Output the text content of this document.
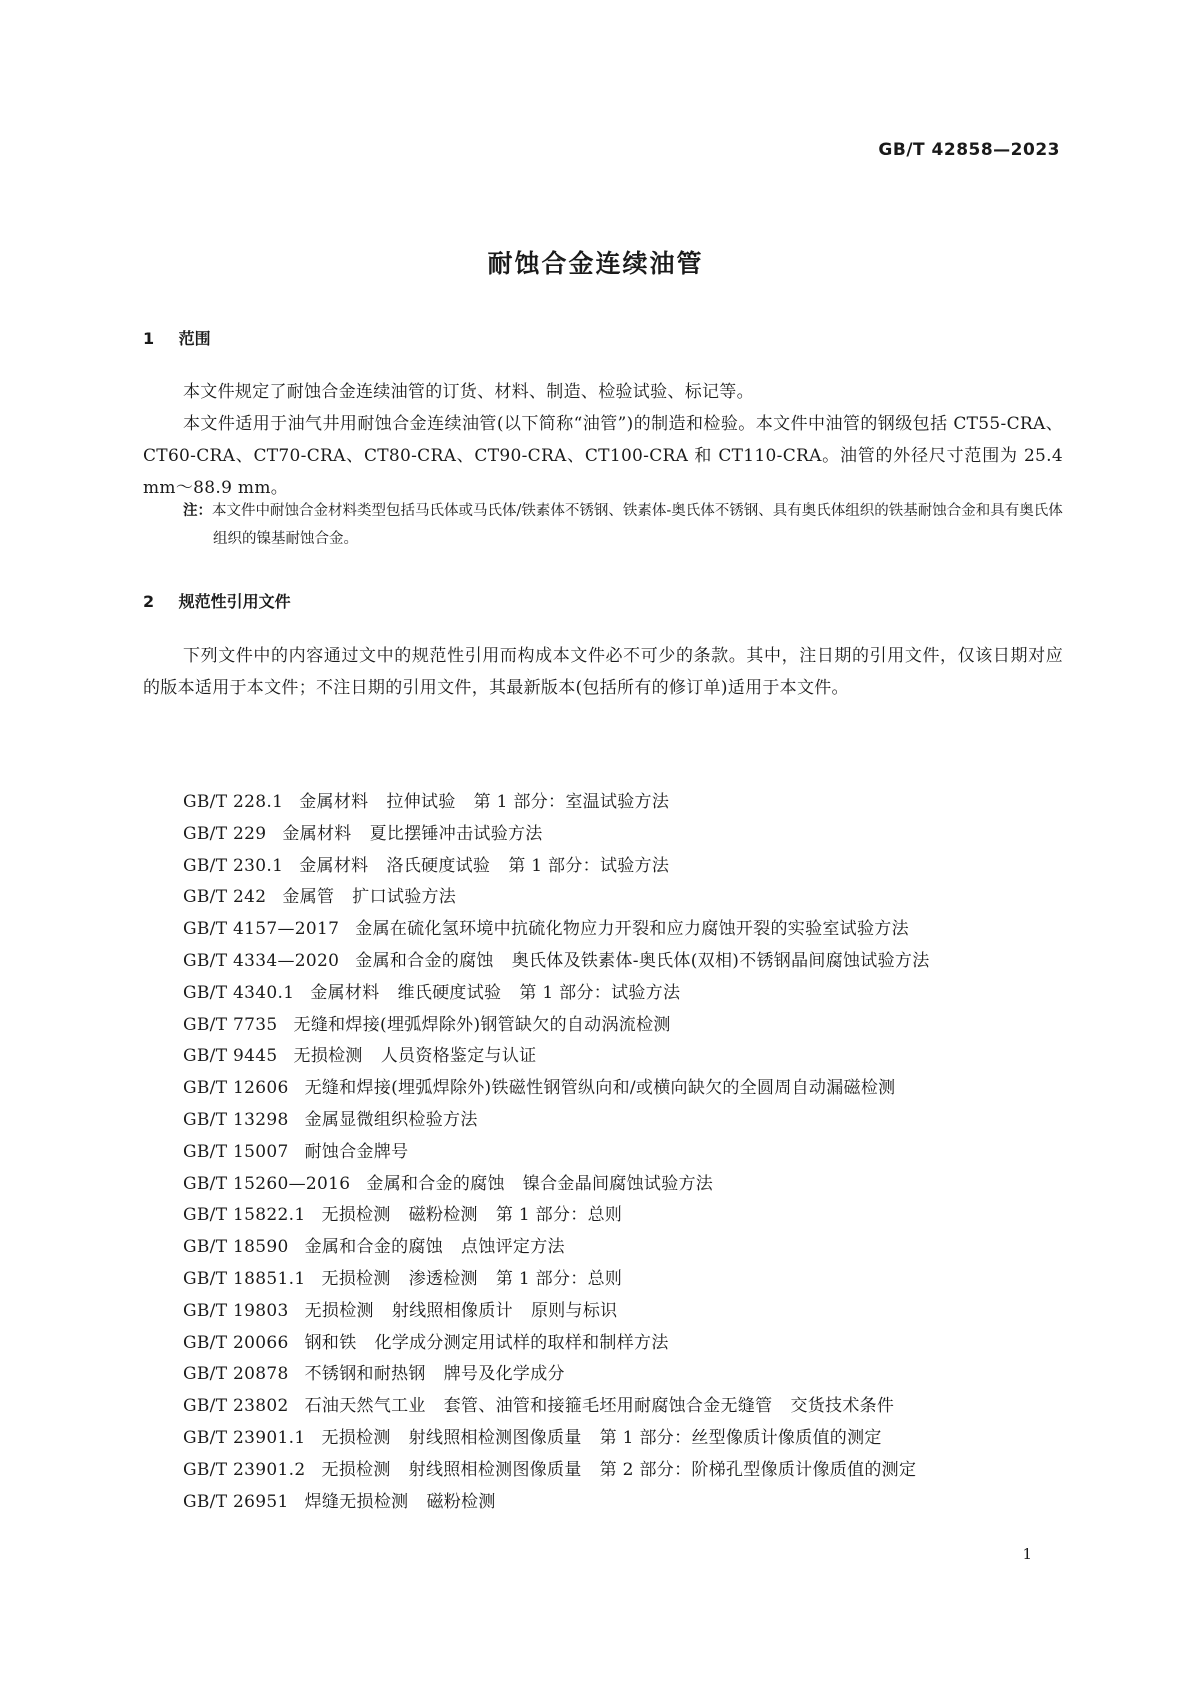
GB/T 42858—2023
耐蚀合金连续油管
1 范围

本文件规定了耐蚀合金连续油管的订货、材料、制造、检验试验、标记等。

本文件适用于油气井用耐蚀合金连续油管(以下简称“油管”)的制造和检验。本文件中油管的钢级包括 CT55-CRA、CT60-CRA、CT70-CRA、CT80-CRA、CT90-CRA、CT100-CRA 和 CT110-CRA。油管的外径尺寸范围为 25.4 mm～88.9 mm。

注：本文件中耐蚀合金材料类型包括马氏体或马氏体/铁素体不锈钢、铁素体-奥氏体不锈钢、具有奥氏体组织的铁基耐蚀合金和具有奥氏体组织的镍基耐蚀合金。

2 规范性引用文件

下列文件中的内容通过文中的规范性引用而构成本文件必不可少的条款。其中，注日期的引用文件，仅该日期对应的版本适用于本文件；不注日期的引用文件，其最新版本(包括所有的修订单)适用于本文件。

GB/T 228.1 金属材料 拉伸试验 第 1 部分：室温试验方法
GB/T 229 金属材料 夏比摆锤冲击试验方法
GB/T 230.1 金属材料 洛氏硬度试验 第 1 部分：试验方法
GB/T 242 金属管 扩口试验方法
GB/T 4157—2017 金属在硫化氢环境中抗硫化物应力开裂和应力腐蚀开裂的实验室试验方法
GB/T 4334—2020 金属和合金的腐蚀 奥氏体及铁素体-奥氏体(双相)不锈钢晶间腐蚀试验方法
GB/T 4340.1 金属材料 维氏硬度试验 第 1 部分：试验方法
GB/T 7735 无缝和焊接(埋弧焊除外)钢管缺欠的自动涡流检测
GB/T 9445 无损检测 人员资格鉴定与认证
GB/T 12606 无缝和焊接(埋弧焊除外)铁磁性钢管纵向和/或横向缺欠的全圆周自动漏磁检测
GB/T 13298 金属显微组织检验方法
GB/T 15007 耐蚀合金牌号
GB/T 15260—2016 金属和合金的腐蚀 镍合金晶间腐蚀试验方法
GB/T 15822.1 无损检测 磁粉检测 第 1 部分：总则
GB/T 18590 金属和合金的腐蚀 点蚀评定方法
GB/T 18851.1 无损检测 渗透检测 第 1 部分：总则
GB/T 19803 无损检测 射线照相像质计 原则与标识
GB/T 20066 钢和铁 化学成分测定用试样的取样和制样方法
GB/T 20878 不锈钢和耐热钢 牌号及化学成分
GB/T 23802 石油天然气工业 套管、油管和接箍毛坯用耐腐蚀合金无缝管 交货技术条件
GB/T 23901.1 无损检测 射线照相检测图像质量 第 1 部分：丝型像质计像质值的测定
GB/T 23901.2 无损检测 射线照相检测图像质量 第 2 部分：阶梯孔型像质计像质值的测定
GB/T 26951 焊缝无损检测 磁粉检测
1
